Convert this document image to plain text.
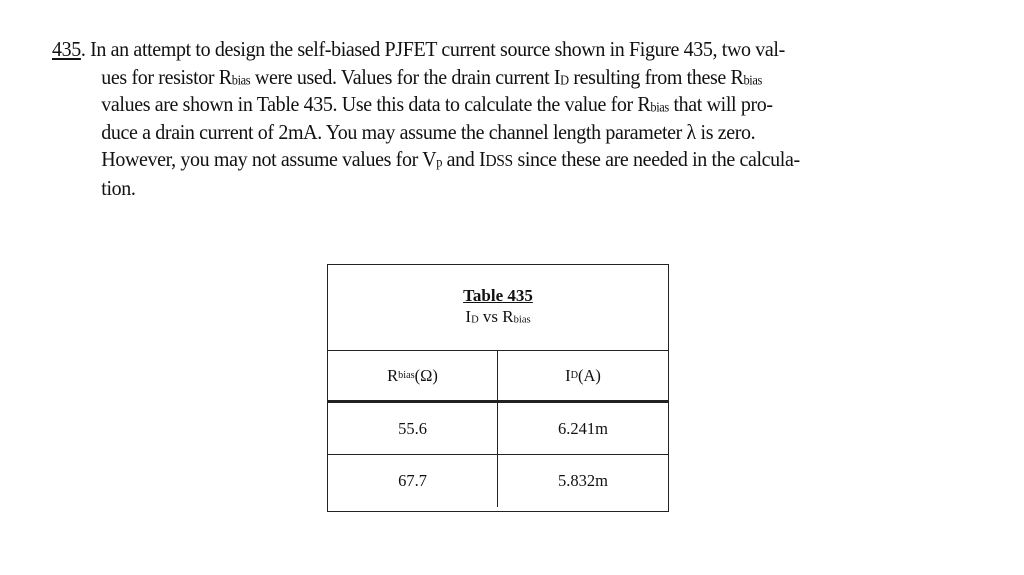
435. In an attempt to design the self-biased PJFET current source shown in Figure 435, two val-
ues for resistor $R_{bias}$ were used. Values for the drain current $I_D$ resulting from these $R_{bias}$
values are shown in Table 435. Use this data to calculate the value for $R_{bias}$ that will pro-
duce a drain current of 2mA. You may assume the channel length parameter λ is zero.
However, you may not assume values for $V_p$ and IDSS since these are needed in the calcula-
tion.
Table 435
$I_D$ vs $R_{bias}$
R bias (Ω)	I D (A)
55.6	6.241m
67.7	5.832m
